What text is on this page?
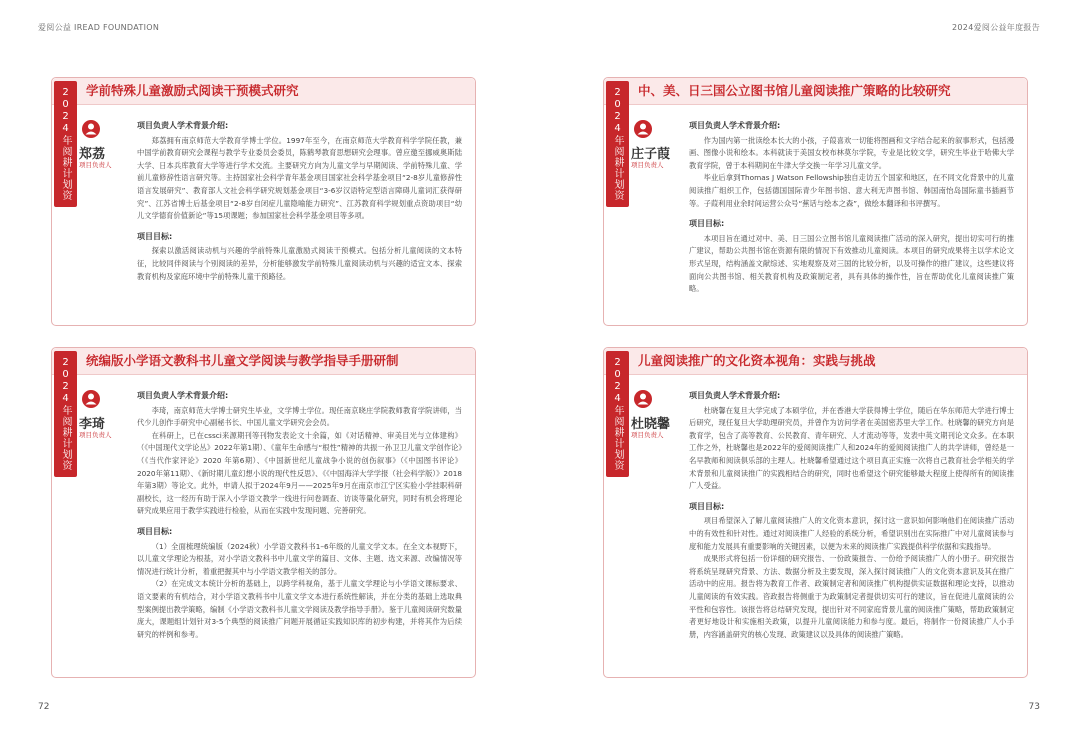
爱阅公益 IREAD FOUNDATION	2024爱阅公益年度报告
学前特殊儿童激励式阅读干预模式研究
2024年阅耕计划资助项目	郑荔
项目负责人
项目负责人学术背景介绍:

郑荔拥有南京师范大学教育学博士学位。1997年至今，在南京师范大学教育科学学院任教，兼中国学前教育研究会课程与教学专业委员会委员，陈鹤琴教育思想研究会理事。曾应邀至挪威奥斯陆大学、日本兵库教育大学等进行学术交流。主要研究方向为儿童文学与早期阅读、学前特殊儿童、学前儿童修辞性语言研究等。主持国家社会科学青年基金项目国家社会科学基金项目“2-8岁儿童修辞性语言发展研究”、教育部人文社会科学研究规划基金项目“3-6岁汉语特定型语言障碍儿童词汇获得研究”、江苏省博士后基金项目“2-8岁自闭症儿童隐喻能力研究”、江苏教育科学规划重点资助项目“幼儿文学德育价值新论”等15项课题；参加国家社会科学基金项目等多项。

项目目标:

探索以激活阅读动机与兴趣的学前特殊儿童激励式阅读干预模式。包括分析儿童阅读的文本特征，比较同伴阅读与个别阅读的差异，分析能够激发学前特殊儿童阅读动机与兴趣的适宜文本、探索教育机构及家庭环境中学前特殊儿童干预路径。

中、美、日三国公立图书馆儿童阅读推广策略的比较研究
2024年阅耕计划资助项目	庄子葭
项目负责人
项目负责人学术背景介绍:

作为国内第一批读绘本长大的小孩，子葭喜欢一切能将图画和文字结合起来的叙事形式，包括漫画、图像小说和绘本。本科就读于美国女校布林莫尔学院，专业是比较文学，研究生毕业于哈佛大学教育学院，曾于本科期间在牛津大学交换一年学习儿童文学。

毕业后拿到Thomas J Watson Fellowship独自走访五个国家和地区，在不同文化背景中的儿童阅读推广组织工作，包括德国国际青少年图书馆、意大利无声图书馆、韩国南怡岛国际童书插画节等。子葭利用业余时间运营公众号“蕉话与绘本之森”，做绘本翻译和书评撰写。

项目目标:

本项目旨在通过对中、美、日三国公立图书馆儿童阅读推广活动的深入研究，提出切实可行的推广建议，帮助公共图书馆在资源有限的情况下有效推动儿童阅读。本项目的研究成果将主以学术论文形式呈现，结构涵盖文献综述、实地观察及对三国的比较分析，以及可操作的推广建议，这些建议将面向公共图书馆、相关教育机构及政策制定者，具有具体的操作性，旨在帮助优化儿童阅读推广策略。

统编版小学语文教科书儿童文学阅读与教学指导手册研制
2024年阅耕计划资助项目	李琦
项目负责人
项目负责人学术背景介绍:

李琦，南京师范大学博士研究生毕业，文学博士学位。现任南京晓庄学院教师教育学院讲师，当代少儿创作手研究中心副秘书长、中国儿童文学研究会会员。

在科研上，已在cssci来源期刊等刊物发表论文十余篇，如《对话精神、审美目光与立体建构》（《中国现代文学论丛》2022年第1期）、《童年生命感与“根性”精神的共振一孙卫卫儿童文学创作论》（《当代作家评论》2020 年第6期）、《中国新世纪儿童战争小说的创伤叙事》（《中国图书评论》2020年第11期）、《新时期儿童幻想小说的现代性反思》、《《中国海洋大学学报（社会科学版）》2018年第3期）等论文。此外，申请人拟于2024年9月——2025年9月在南京市江宁区实验小学挂职科研副校长，这一经历有助于深入小学语文教学一线进行问卷调查、访谈等量化研究，同时有机会将理论研究成果应用于教学实践进行检验，从而在实践中发现问题、完善研究。

项目目标:

（1）全面梳理统编版（2024秋）小学语文教科书1–6年级的儿童文学文本。在全文本视野下，以儿童文学理论为根基，对小学语文教科书中儿童文学的篇目、文体、主题、选文来源、改编情况等情况进行统计分析，着重把握其中与小学语文教学相关的部分。

（2）在完成文本统计分析的基础上，以跨学科视角，基于儿童文学理论与小学语文课标要求、语文要素的有机结合，对小学语文教科书中儿童文学文本进行系统性解读，并在分类的基础上选取典型案例提出教学策略，编制《小学语文教科书儿童文学阅读及教学指导手册》。鉴于儿童阅读研究数量庞大，课题组计划针对3-5个典型的阅读推广问题开展循证实践知识库的初步构建，并将其作为后续研究的样例和参考。

儿童阅读推广的文化资本视角：实践与挑战
2024年阅耕计划资助项目	杜晓馨
项目负责人
项目负责人学术背景介绍:

杜晓馨在复旦大学完成了本硕学位，并在香港大学获得博士学位，随后在华东师范大学进行博士后研究，现任复旦大学助理研究员，并曾作为访问学者在美国密苏里大学工作。杜晓馨的研究方向是教育学，包含了高等教育、公民教育、青年研究、人才流动等等，发表中英文期刊论文众多。在本职工作之外，杜晓馨也是2022年的爱阅阅读推广人和2024年的爱阅阅读推广人的共学讲师，曾经是一名早教师和阅读俱乐部的主理人。杜晓馨希望通过这个项目真正实施一次将自己教育社会学相关的学术背景和儿童阅读推广的实践相结合的研究，同时也希望这个研究能够最大程度上使得所有的阅读推广人受益。

项目目标:

项目希望深入了解儿童阅读推广人的文化资本意识，探讨这一意识如何影响他们在阅读推广活动中的有效性和针对性。通过对阅读推广人经验的系统分析，希望识别出在实际推广中对儿童阅读参与度和能力发展具有重要影响的关键因素，以便为未来的阅读推广实践提供科学依据和实践指导。

成果形式将包括一份详细的研究报告、一份政策报告、一份给予阅读推广人的小册子。研究报告将系统呈现研究背景、方法、数据分析及主要发现，深入探讨阅读推广人的文化资本意识及其在推广活动中的应用。报告将为教育工作者、政策制定者和阅读推广机构提供实证数据和理论支持，以推动儿童阅读的有效实践。咨政报告将侧重于为政策制定者提供切实可行的建议，旨在促进儿童阅读的公平性和包容性。该报告将总结研究发现，提出针对不同家庭背景儿童的阅读推广策略，帮助政策制定者更好地设计和实施相关政策，以提升儿童阅读能力和参与度。最后，将制作一份阅读推广人小手册，内容涵盖研究的核心发现、政策建议以及具体的阅读推广策略。

72	73
